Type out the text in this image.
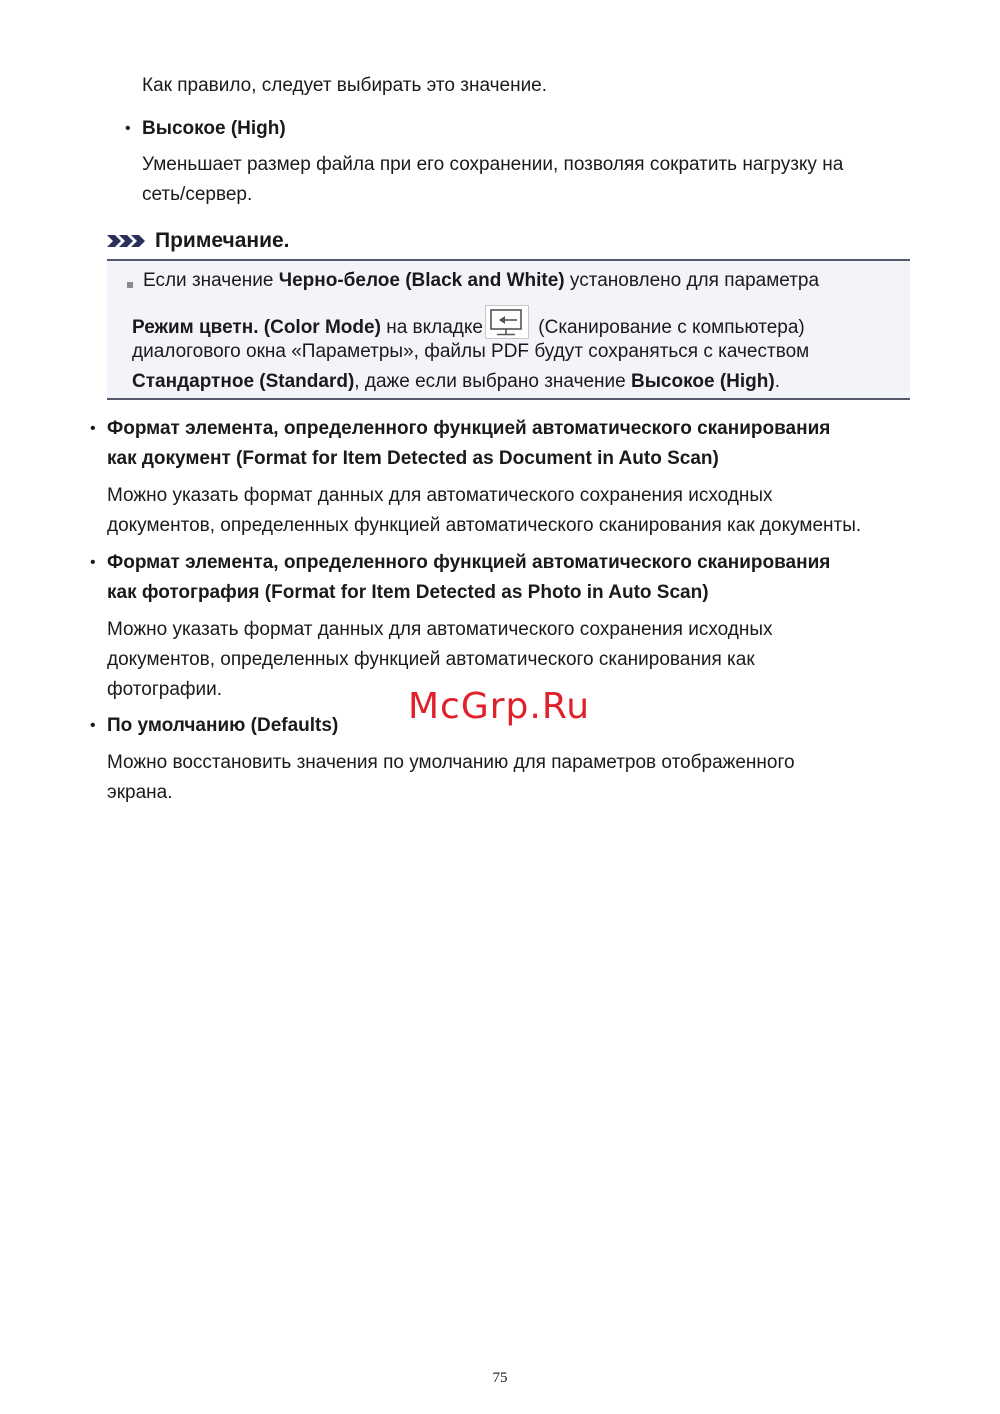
Как правило, следует выбирать это значение.
• Высокое (High)
Уменьшает размер файла при его сохранении, позволяя сократить нагрузку на
сеть/сервер.
Примечание.
Если значение Черно-белое (Black and White) установлено для параметра
Режим цветн. (Color Mode) на вкладке	(Сканирование с компьютера)
диалогового окна «Параметры», файлы PDF будут сохраняться с качеством
Стандартное (Standard), даже если выбрано значение Высокое (High).
• Формат элемента, определенного функцией автоматического сканирования
как документ (Format for Item Detected as Document in Auto Scan)
Можно указать формат данных для автоматического сохранения исходных
документов, определенных функцией автоматического сканирования как документы.
• Формат элемента, определенного функцией автоматического сканирования
как фотография (Format for Item Detected as Photo in Auto Scan)
Можно указать формат данных для автоматического сохранения исходных
документов, определенных функцией автоматического сканирования как
фотографии.
• По умолчанию (Defaults)
Можно восстановить значения по умолчанию для параметров отображенного
экрана.
McGrp.Ru
75
